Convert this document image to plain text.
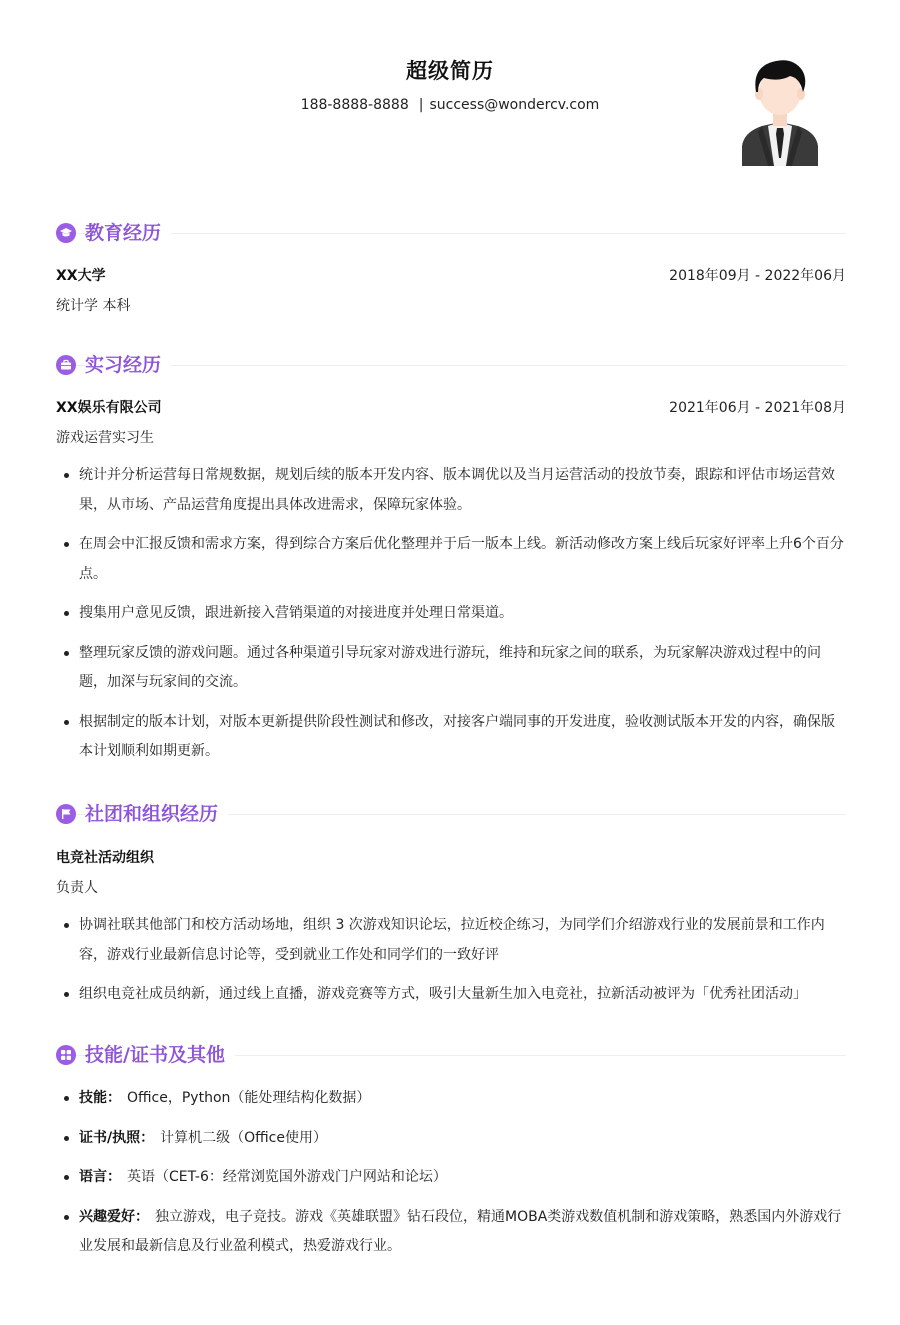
超级简历
188-8888-8888 | success@wondercv.com
教育经历
XX大学	2018年09月 - 2022年06月
统计学 本科
实习经历
XX娱乐有限公司	2021年06月 - 2021年08月
游戏运营实习生
统计并分析运营每日常规数据，规划后续的版本开发内容、版本调优以及当月运营活动的投放节奏，跟踪和评估市场运营效果，从市场、产品运营角度提出具体改进需求，保障玩家体验。
在周会中汇报反馈和需求方案，得到综合方案后优化整理并于后一版本上线。新活动修改方案上线后玩家好评率上升6个百分点。
搜集用户意见反馈，跟进新接入营销渠道的对接进度并处理日常渠道。
整理玩家反馈的游戏问题。通过各种渠道引导玩家对游戏进行游玩，维持和玩家之间的联系，为玩家解决游戏过程中的问题，加深与玩家间的交流。
根据制定的版本计划，对版本更新提供阶段性测试和修改，对接客户端同事的开发进度，验收测试版本开发的内容，确保版本计划顺利如期更新。
社团和组织经历
电竞社活动组织
负责人
协调社联其他部门和校方活动场地，组织 3 次游戏知识论坛，拉近校企练习，为同学们介绍游戏行业的发展前景和工作内容，游戏行业最新信息讨论等，受到就业工作处和同学们的一致好评
组织电竞社成员纳新，通过线上直播，游戏竞赛等方式，吸引大量新生加入电竞社，拉新活动被评为「优秀社团活动」
技能/证书及其他
技能： Office，Python（能处理结构化数据）
证书/执照： 计算机二级（Office使用）
语言： 英语（CET-6：经常浏览国外游戏门户网站和论坛）
兴趣爱好： 独立游戏，电子竞技。游戏《英雄联盟》钻石段位，精通MOBA类游戏数值机制和游戏策略，熟悉国内外游戏行业发展和最新信息及行业盈利模式，热爱游戏行业。
